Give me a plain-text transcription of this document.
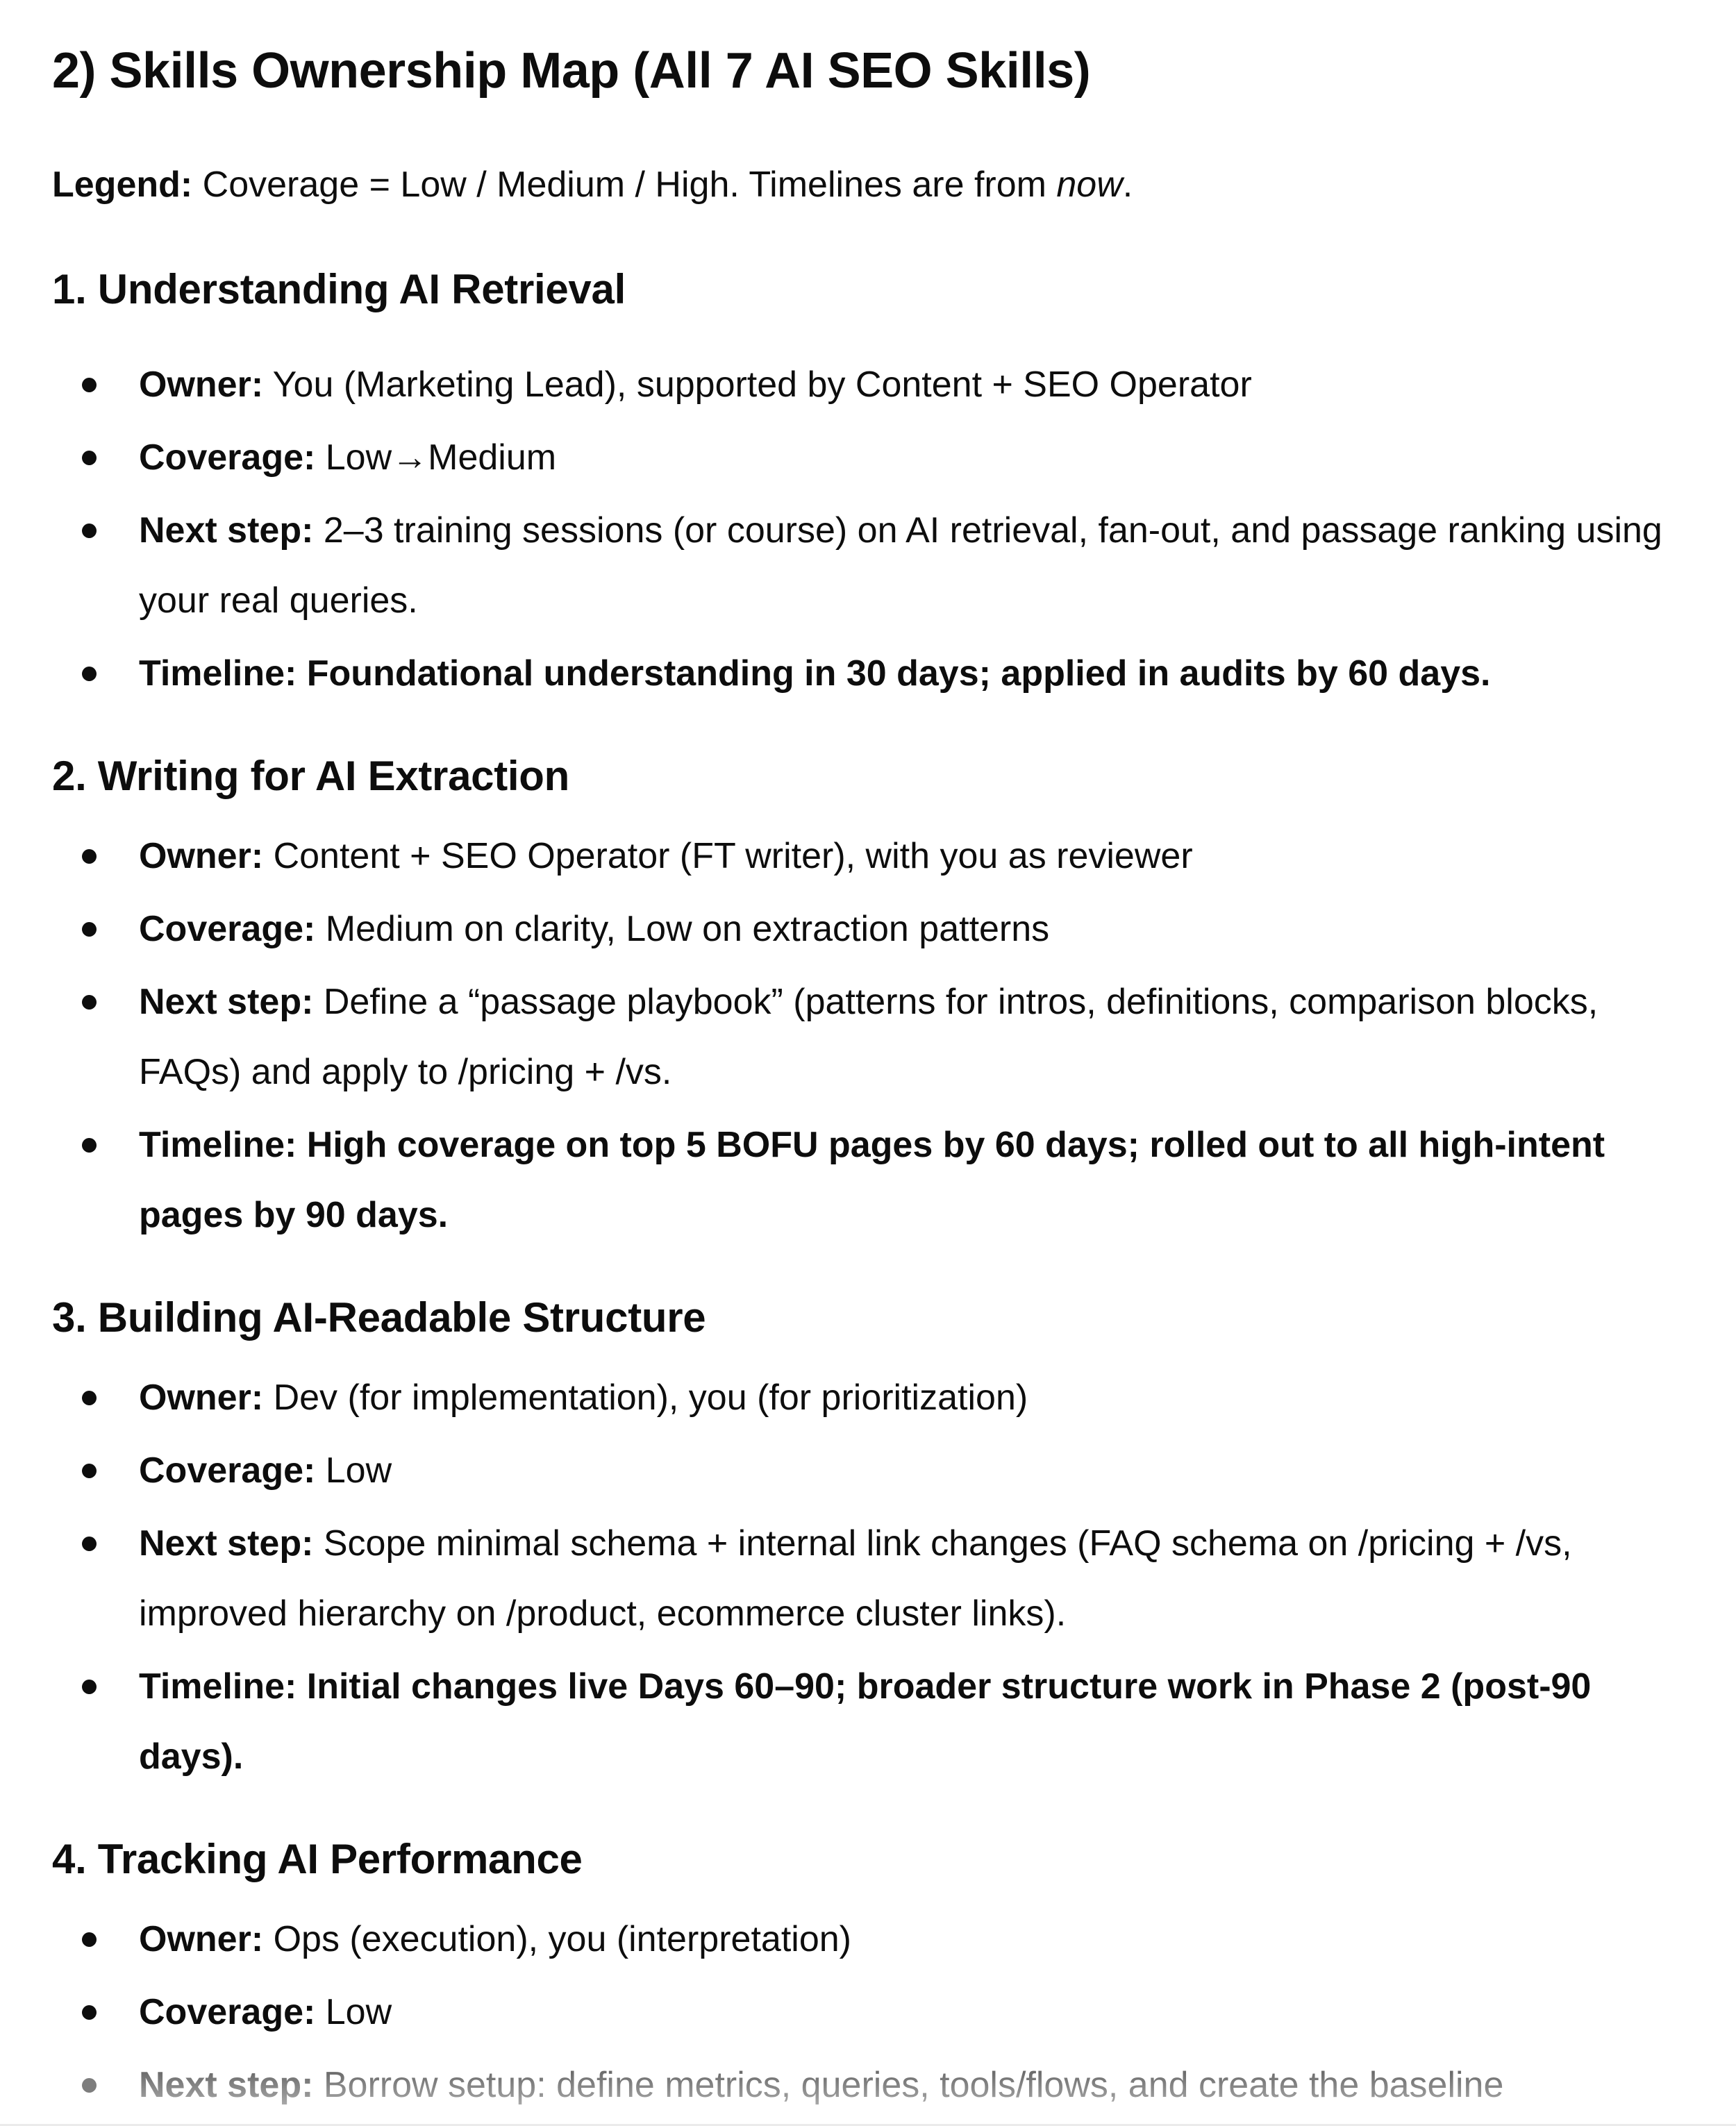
2) Skills Ownership Map (All 7 AI SEO Skills)

Legend: Coverage = Low / Medium / High. Timelines are from now.

1. Understanding AI Retrieval
Owner: You (Marketing Lead), supported by Content + SEO Operator
Coverage: Low→Medium
Next step: 2–3 training sessions (or course) on AI retrieval, fan-out, and passage ranking using your real queries.
Timeline: Foundational understanding in 30 days; applied in audits by 60 days.
2. Writing for AI Extraction
Owner: Content + SEO Operator (FT writer), with you as reviewer
Coverage: Medium on clarity, Low on extraction patterns
Next step: Define a “passage playbook” (patterns for intros, definitions, comparison blocks, FAQs) and apply to /pricing + /vs.
Timeline: High coverage on top 5 BOFU pages by 60 days; rolled out to all high-intent pages by 90 days.
3. Building AI-Readable Structure
Owner: Dev (for implementation), you (for prioritization)
Coverage: Low
Next step: Scope minimal schema + internal link changes (FAQ schema on /pricing + /vs, improved hierarchy on /product, ecommerce cluster links).
Timeline: Initial changes live Days 60–90; broader structure work in Phase 2 (post-90 days).
4. Tracking AI Performance
Owner: Ops (execution), you (interpretation)
Coverage: Low
Next step: Borrow setup: define metrics, queries, tools/flows, and create the baseline
